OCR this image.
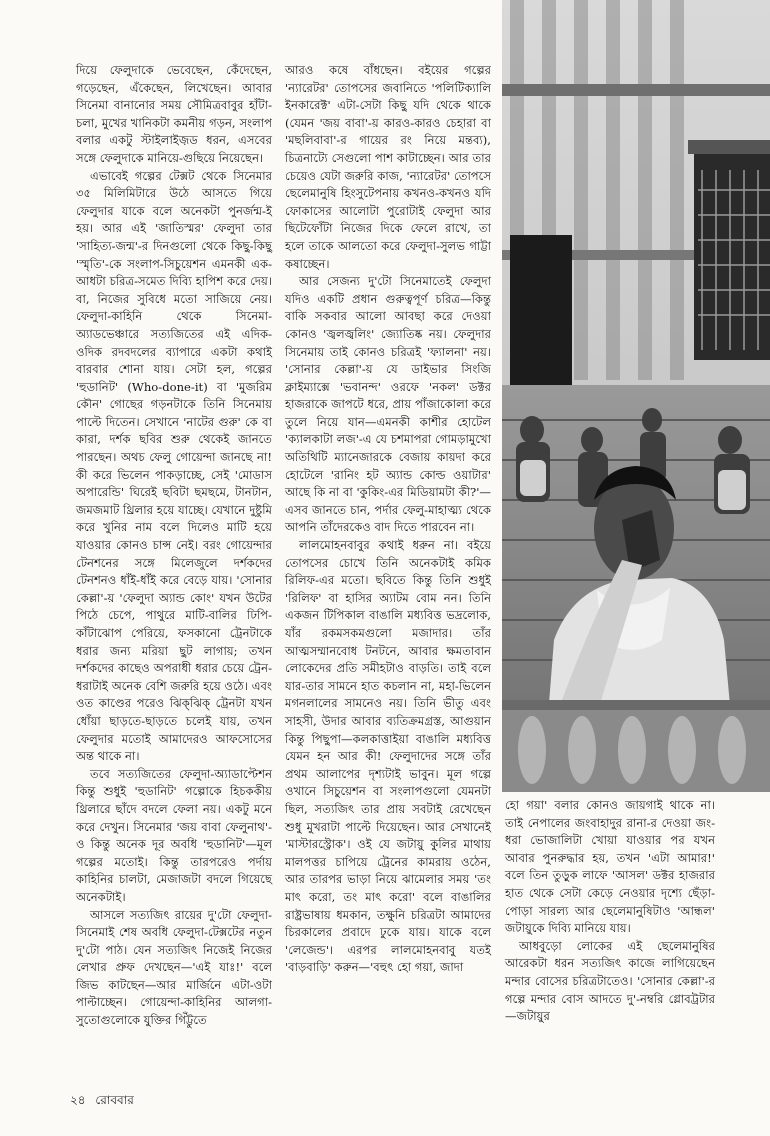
দিয়ে ফেলুদাকে ভেবেছেন, কেঁদেছেন, গড়েছেন, এঁকেছেন, লিখেছেন। আবার সিনেমা বানানোর সময় সৌমিত্রবাবুর হাঁটা-চলা, মুখের খানিকটা কমনীয় গড়ন, সংলাপ বলার একটু স্টাইলাইজ়ড ধরন, এসবের সঙ্গে ফেলুদাকে মানিয়ে-গুছিয়ে নিয়েছেন।

এভাবেই গল্পের টেক্সট থেকে সিনেমার ৩৫ মিলিমিটারে উঠে আসতে গিয়ে ফেলুদার যাকে বলে অনেকটা পুনর্জন্ম-ই হয়। আর এই 'জাতিস্মর' ফেলুদা তার 'সাহিত্য-জন্ম'-র দিনগুলো থেকে কিছু-কিছু 'স্মৃতি'-কে সংলাপ-সিচুয়েশন এমনকী এক-আধটা চরিত্র-সমেত দিব্যি হাপিশ করে দেয়। বা, নিজের সুবিধে মতো সাজিয়ে নেয়। ফেলুদা-কাহিনি থেকে সিনেমা-অ্যাডভেঞ্চারে সত্যজিতের এই এদিক-ওদিক রদবদলের ব্যাপারে একটা কথাই বারবার শোনা যায়। সেটা হল, গল্পের 'হুডানিট' (Who-done-it) বা 'মুজরিম কৌন' গোছের গড়নটাকে তিনি সিনেমায় পাল্টে দিতেন। সেখানে 'নাটের গুরু' কে বা কারা, দর্শক ছবির শুরু থেকেই জানতে পারছেন। অথচ ফেলু গোয়েন্দা জানছে না! কী করে ভিলেন পাকড়াচ্ছে, সেই 'মোডাস অপারেন্ডি' ঘিরেই ছবিটা ছমছমে, টানটান, জমজমাট থ্রিলার হয়ে যাচ্ছে। যেখানে দুষ্টুমি করে খুনির নাম বলে দিলেও মাটি হয়ে যাওয়ার কোনও চান্স নেই। বরং গোয়েন্দার টেনশনের সঙ্গে মিলেজুলে দর্শকদের টেনশনও ধাঁই-ধাঁই করে বেড়ে যায়। 'সোনার কেল্লা'-য় 'ফেলুদা অ্যান্ড কোং' যখন উটের পিঠে চেপে, পাথুরে মাটি-বালির ঢিপি-কাঁটাঝোপ পেরিয়ে, ফসকানো ট্রেনটাকে ধরার জন্য মরিয়া ছুট লাগায়; তখন দর্শকদের কাছেও অপরাধী ধরার চেয়ে ট্রেন-ধরাটাই অনেক বেশি জরুরি হয়ে ওঠে। এবং ওত কাণ্ডের পরেও ঝিক্‌ঝিক্ ট্রেনটা যখন ধোঁয়া ছাড়তে-ছাড়তে চলেই যায়, তখন ফেলুদার মতোই আমাদেরও আফসোসের অন্ত থাকে না।

তবে সত্যজিতের ফেলুদা-অ্যাডাপ্টেশন কিন্তু শুধুই 'হুডানিট' গল্পোকে হিচককীয় থ্রিলারে ছাঁদে বদলে ফেলা নয়। একটু মনে করে দেখুন। সিনেমার 'জয় বাবা ফেলুনাথ'-ও কিন্তু অনেক দূর অবধি 'হুডানিট'—মূল গল্পের মতোই। কিন্তু তারপরেও পর্দায় কাহিনির চালটা, মেজাজটা বদলে গিয়েছে অনেকটাই।

আসলে সত্যজিৎ রায়ের দু'টো ফেলুদা-সিনেমাই শেষ অবধি ফেলুদা-টেক্সটের নতুন দু'টো পাঠ। যেন সত্যজিৎ নিজেই নিজের লেখার প্রুফ দেখছেন—'এই যাঃ!' বলে জিভ কাটছেন—আর মার্জিনে এটা-ওটা পাল্টাচ্ছেন। গোয়েন্দা-কাহিনির আলগা-সুতোগুলোকে যুক্তির গিঁট্টুতে

আরও কষে বাঁধছেন। বইয়ের গল্পের 'ন্যারেটর' তোপসের জবানিতে 'পলিটিক্যালি ইনকারেক্ট' এটা-সেটা কিছু যদি থেকে থাকে (যেমন 'জয় বাবা'-য় কারও-কারও চেহারা বা 'মছলিবাবা'-র গায়ের রং নিয়ে মন্তব্য), চিত্রনাট্যে সেগুলো পাশ কাটাচ্ছেন। আর তার চেয়েও যেটা জরুরি কাজ, 'ন্যারেটর' তোপসে ছেলেমানুষি হিংসুটেপনায় কখনও-কখনও যদি ফোকাসের আলোটা পুরোটাই ফেলুদা আর ছিটেফোঁটা নিজের দিকে ফেলে রাখে, তা হলে তাকে আলতো করে ফেলুদা-সুলভ গাট্টা কষাচ্ছেন।

আর সেজন্য দু'টো সিনেমাতেই ফেলুদা যদিও একটি প্রধান গুরুত্বপূর্ণ চরিত্র—কিন্তু বাকি সকবার আলো আবছা করে দেওয়া কোনও 'জ্বলজ্বলিং' জ্যোতিষ্ক নয়। ফেলুদার সিনেমায় তাই কোনও চরিত্রই 'ফ্যালনা' নয়। 'সোনার কেল্লা'-য় যে ডাইভার সিংজি ক্লাইম্যাক্সে 'ভবানন্দ' ওরফে 'নকল' ডক্টর হাজরাকে জাপটে ধরে, প্রায় পাঁজাকোলা করে তুলে নিয়ে যান—এমনকী কাশীর হোটেল 'ক্যালকাটা লজ'-এ যে চশমাপরা গোমড়ামুখো অতিথিটি ম্যানেজারকে বেজায় কায়দা করে হোটেলে 'রানিং হট অ্যান্ড কোল্ড ওয়াটার' আছে কি না বা 'কুকিং-এর মিডিয়ামটা কী?'—এসব জানতে চান, পর্দার ফেলু-মাহাত্ম্য থেকে আপনি তাঁদেরকেও বাদ দিতে পারবেন না।

লালমোহনবাবুর কথাই ধরুন না। বইয়ে তোপসের চোখে তিনি অনেকটাই কমিক রিলিফ-এর মতো। ছবিতে কিন্তু তিনি শুধুই 'রিলিফ' বা হাসির অ্যাটম বোম নন। তিনি একজন টিপিকাল বাঙালি মধ্যবিত্ত ভদ্রলোক, যাঁর রকমসকমগুলো মজাদার। তাঁর আত্মসম্মানবোধ টনটনে, আবার ক্ষমতাবান লোকেদের প্রতি সমীহটাও বাড়তি। তাই বলে যার-তার সামনে হাত কচলান না, মহা-ভিলেন মগনলালের সামনেও নয়। তিনি ভীতু এবং সাহসী, উদার আবার ব্যতিক্রমগ্রস্ত, আগুয়ান কিন্তু পিছুপা—কলকাত্তাইয়া বাঙালি মধ্যবিত্ত যেমন হন আর কী! ফেলুদাদের সঙ্গে তাঁর প্রথম আলাপের দৃশ্যটাই ভাবুন। মূল গল্পে ওখানে সিচুয়েশন বা সংলাপগুলো যেমনটা ছিল, সত্যজিৎ তার প্রায় সবটাই রেখেছেন শুধু মুখরাটা পাল্টে দিয়েছেন। আর সেখানেই 'মাস্টারস্ট্রোক'। ওই যে জটায়ু কুলির মাথায় মালপত্তর চাপিয়ে ট্রেনের কামরায় ওঠেন, আর তারপর ভাড়া নিয়ে ঝামেলার সময় 'তং মাৎ করো, তং মাৎ করো' বলে বাঙালির রাষ্ট্রভাষায় ধমকান, তক্ষুনি চরিত্রটা আমাদের চিরকালের প্রবাদে ঢুকে যায়। যাকে বলে 'লেজেন্ড'। এরপর লালমোহনবাবু যতই 'বাড়বাড়ি' করুন—'বহুৎ হো গয়া, জাদা

হো গয়া' বলার কোনও জায়গাই থাকে না। তাই নেপালের জংবাহাদুর রানা-র দেওয়া জং-ধরা ভোজালিটা খোয়া যাওয়ার পর যখন আবার পুনরুদ্ধার হয়, তখন 'এটা আমার!' বলে তিন তুড়ুক লাফে 'আসল' ডক্টর হাজরার হাত থেকে সেটা কেড়ে নেওয়ার দৃশ্যে ছেঁড়া-পোড়া সারল্য আর ছেলেমানুষিটাও 'আন্ধল' জটায়ুকে দিব্যি মানিয়ে যায়।

আধবুড়ো লোকের এই ছেলেমানুষির আরেকটা ধরন সত্যজিৎ কাজে লাগিয়েছেন মন্দার বোসের চরিত্রটাতেও। 'সোনার কেল্লা'-র গল্পে মন্দার বোস আদতে দু'-নম্বরি গ্লোবট্রটার—জটায়ুর

২৪ রোববার
